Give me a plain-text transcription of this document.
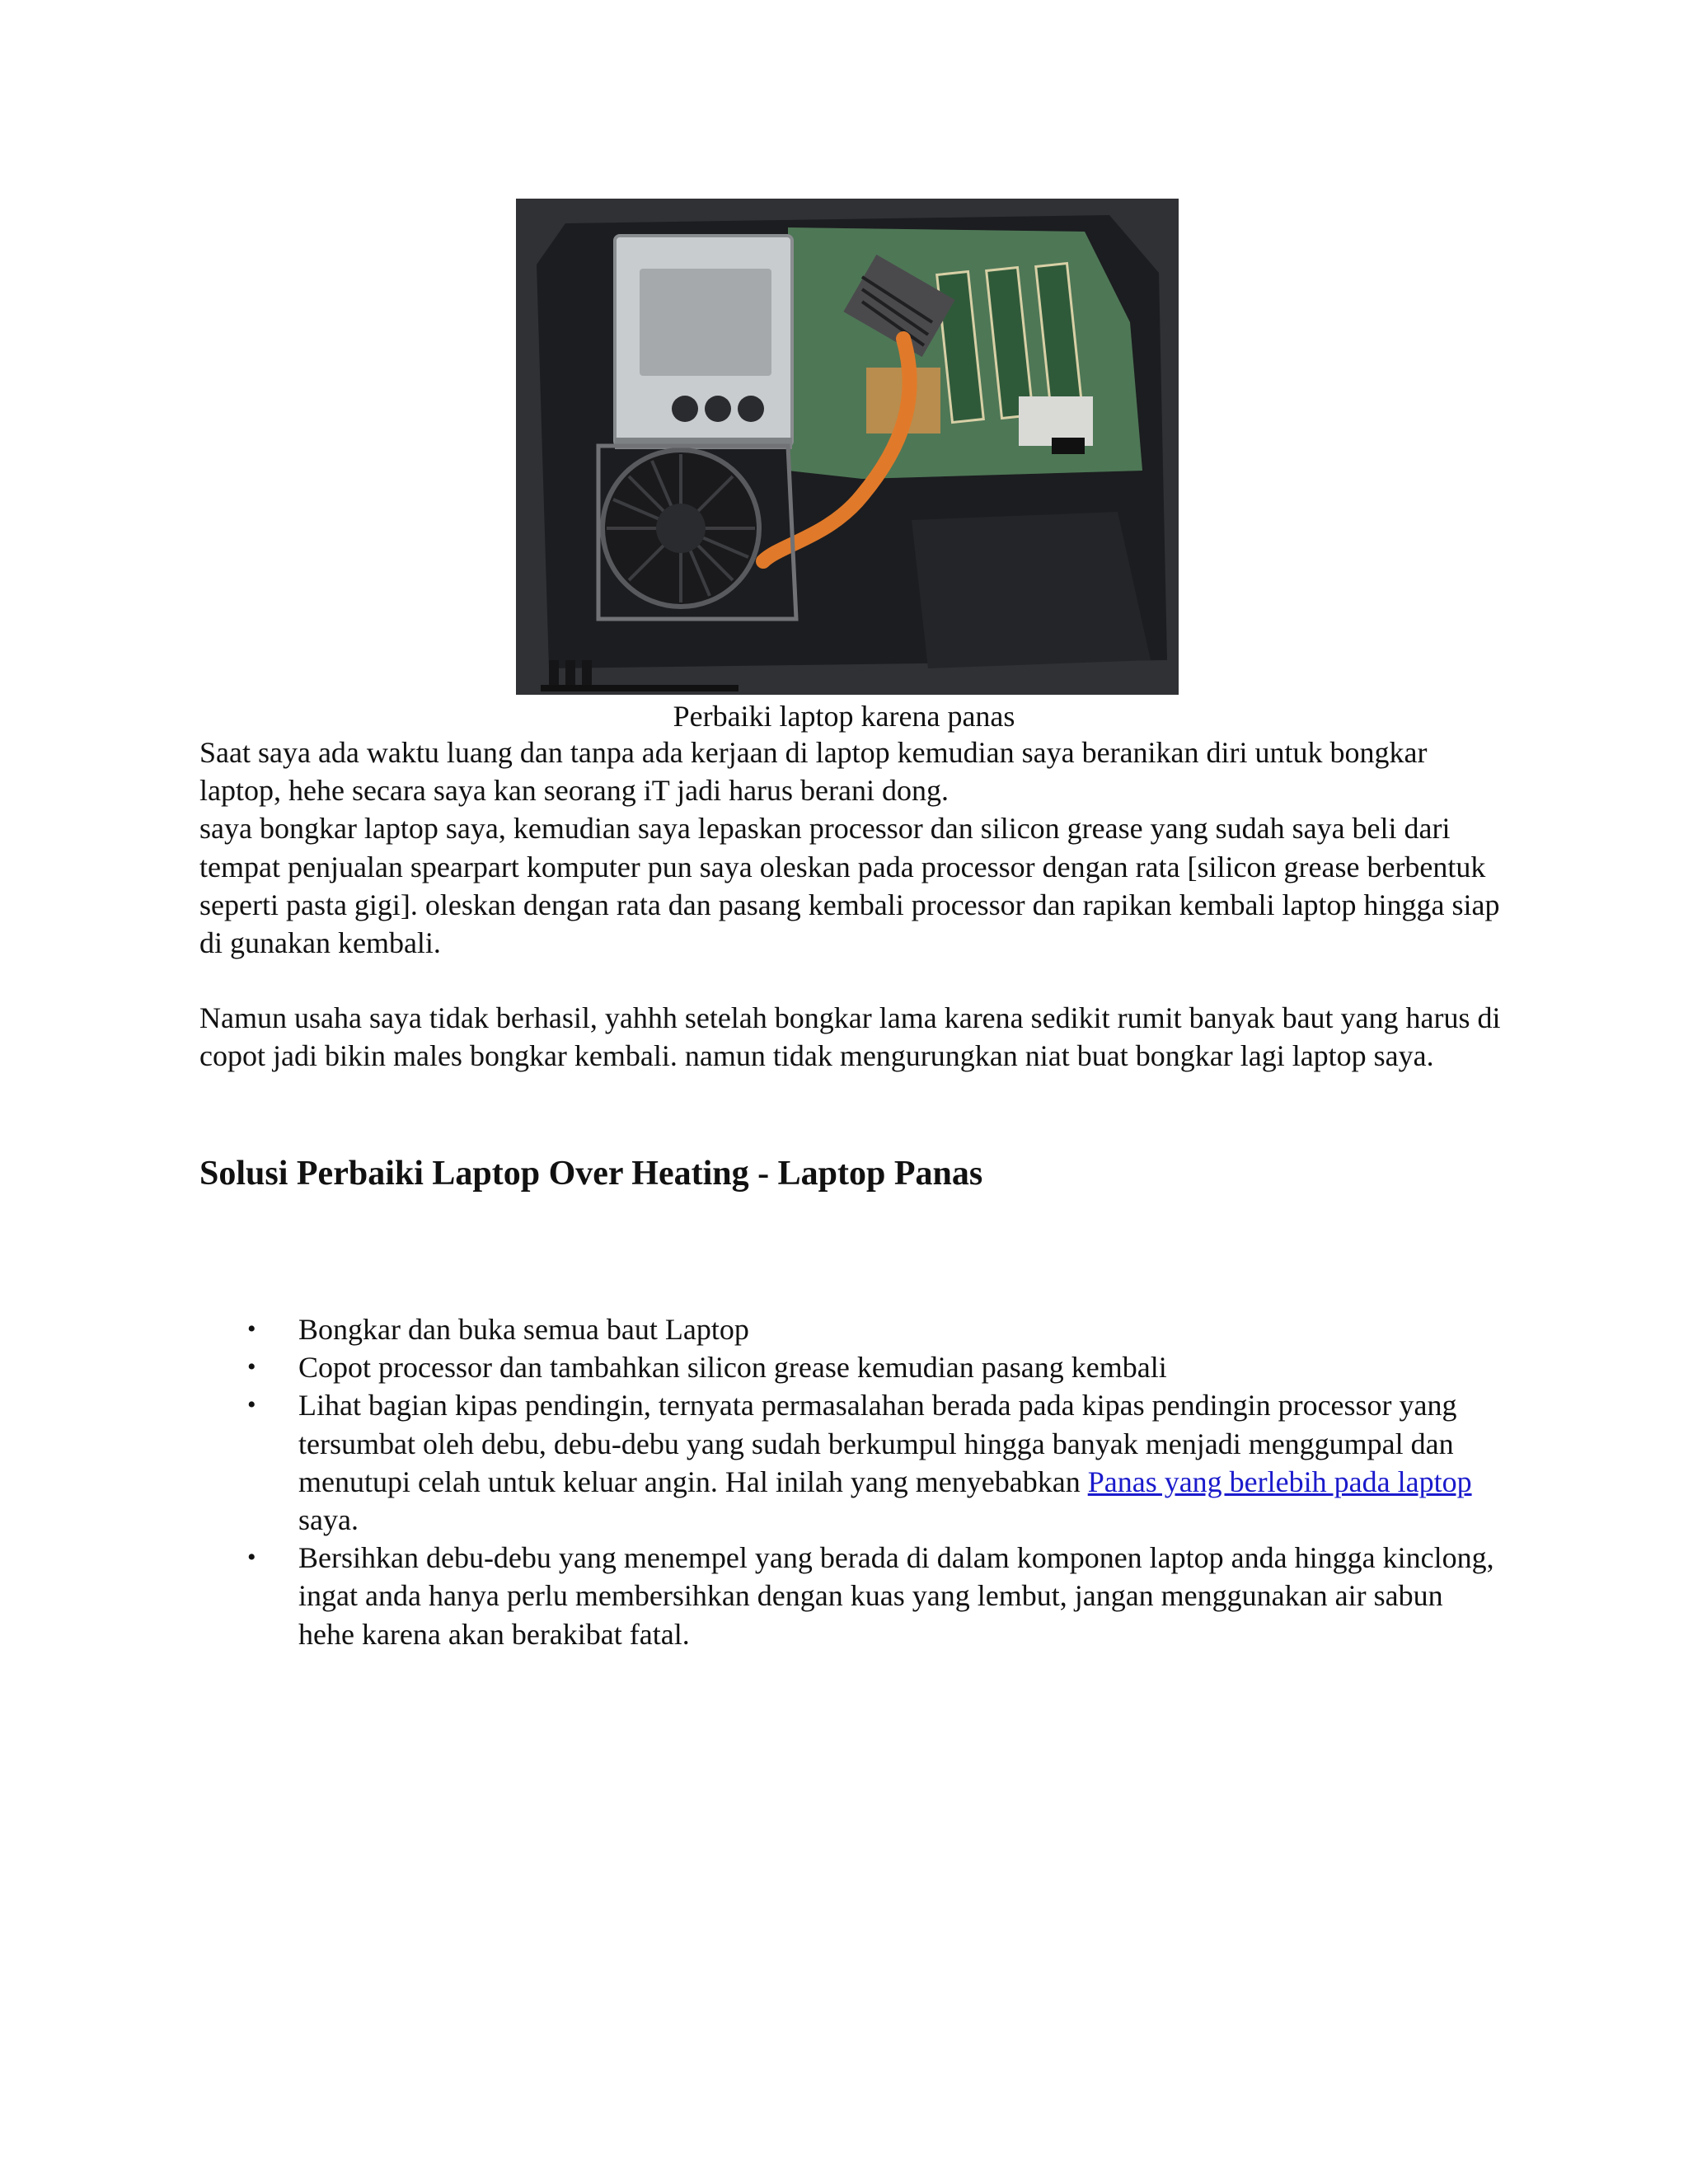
Perbaiki laptop karena panas

Saat saya ada waktu luang dan tanpa ada kerjaan di laptop kemudian saya beranikan diri untuk bongkar laptop, hehe secara saya kan seorang iT jadi harus berani dong.

saya bongkar laptop saya, kemudian saya lepaskan processor dan silicon grease yang sudah saya beli dari tempat penjualan spearpart komputer pun saya oleskan pada processor dengan rata [silicon grease berbentuk seperti pasta gigi]. oleskan dengan rata dan pasang kembali processor dan rapikan kembali laptop hingga siap di gunakan kembali.

Namun usaha saya tidak berhasil, yahhh setelah bongkar lama karena sedikit rumit banyak baut yang harus di copot jadi bikin males bongkar kembali. namun tidak mengurungkan niat buat bongkar lagi laptop saya.

Solusi Perbaiki Laptop Over Heating - Laptop Panas
• Bongkar dan buka semua baut Laptop
• Copot processor dan tambahkan silicon grease kemudian pasang kembali
• Lihat bagian kipas pendingin, ternyata permasalahan berada pada kipas pendingin processor yang tersumbat oleh debu, debu-debu yang sudah berkumpul hingga banyak menjadi menggumpal dan menutupi celah untuk keluar angin. Hal inilah yang menyebabkan Panas yang berlebih pada laptop saya.
• Bersihkan debu-debu yang menempel yang berada di dalam komponen laptop anda hingga kinclong, ingat anda hanya perlu membersihkan dengan kuas yang lembut, jangan menggunakan air sabun hehe karena akan berakibat fatal.
